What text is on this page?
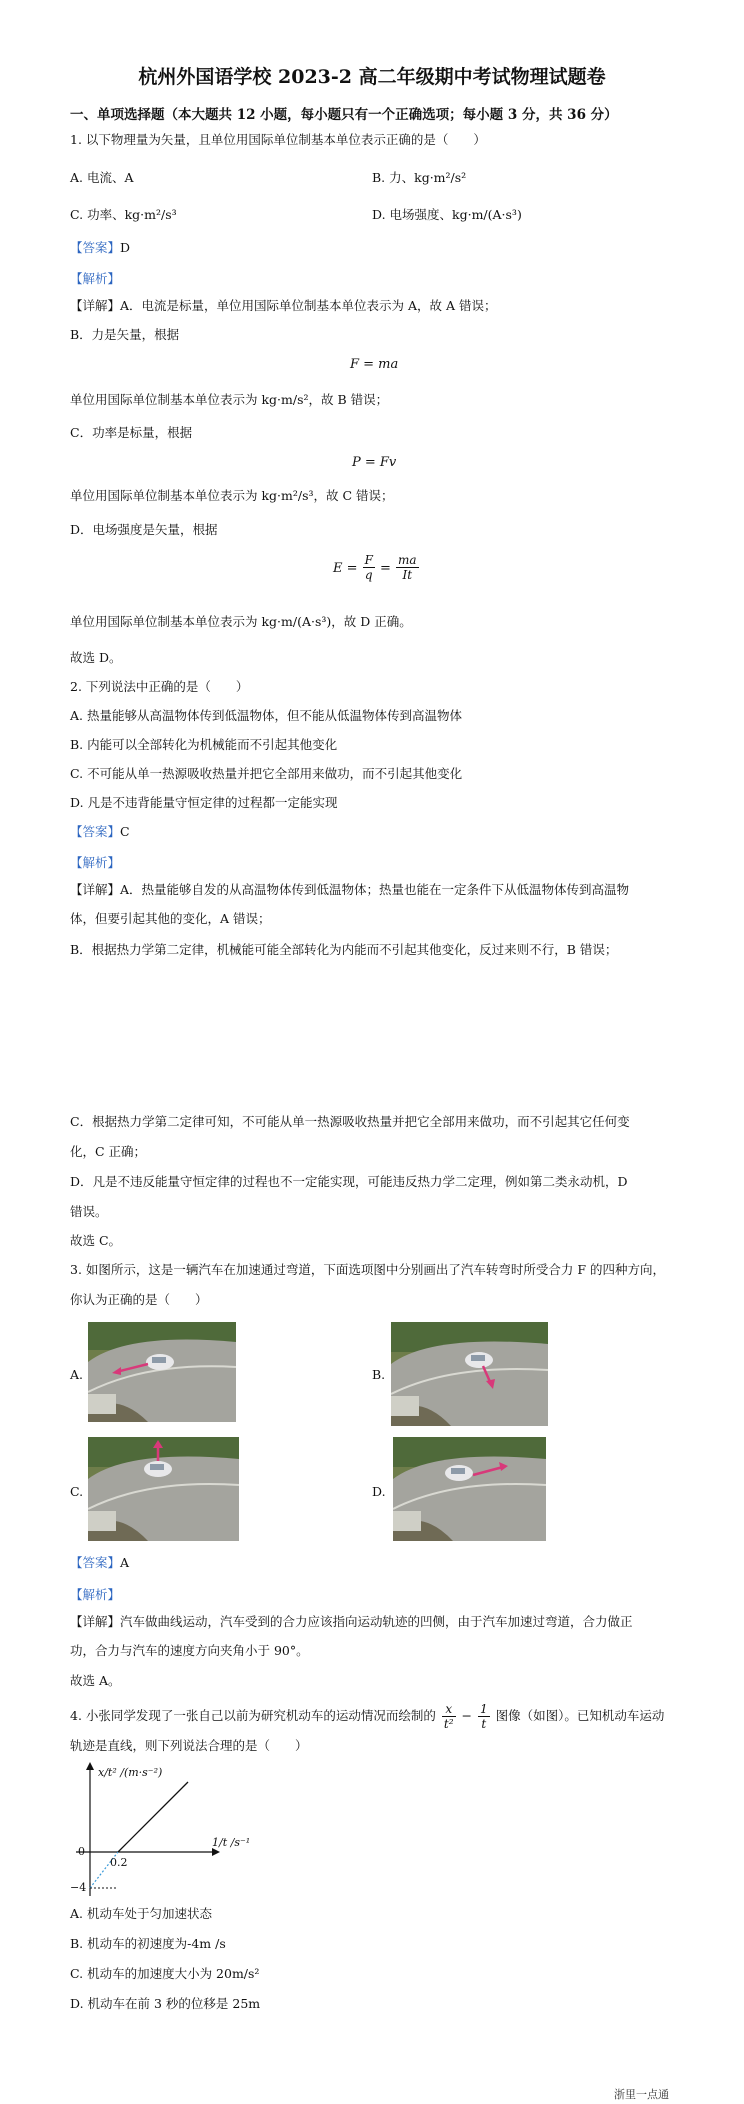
杭州外国语学校 2023-2 高二年级期中考试物理试题卷
一、单项选择题（本大题共 12 小题，每小题只有一个正确选项；每小题 3 分，共 36 分）
1. 以下物理量为矢量，且单位用国际单位制基本单位表示正确的是（　　）
A. 电流、A	B. 力、kg·m²/s²
C. 功率、kg·m²/s³	D. 电场强度、kg·m/(A·s³)
【答案】D
【解析】
【详解】A．电流是标量，单位用国际单位制基本单位表示为 A，故 A 错误；
B．力是矢量，根据
F = ma
单位用国际单位制基本单位表示为 kg·m/s²，故 B 错误；
C．功率是标量，根据
P = Fv
单位用国际单位制基本单位表示为 kg·m²/s³，故 C 错误；
D．电场强度是矢量，根据
$E = \frac{F}{q} = \frac{ma}{It}$
单位用国际单位制基本单位表示为 kg·m/(A·s³)，故 D 正确。
故选 D。
2. 下列说法中正确的是（　　）
A. 热量能够从高温物体传到低温物体，但不能从低温物体传到高温物体
B. 内能可以全部转化为机械能而不引起其他变化
C. 不可能从单一热源吸收热量并把它全部用来做功，而不引起其他变化
D. 凡是不违背能量守恒定律的过程都一定能实现
【答案】C
【解析】
【详解】A．热量能够自发的从高温物体传到低温物体；热量也能在一定条件下从低温物体传到高温物
体，但要引起其他的变化，A 错误；
B．根据热力学第二定律，机械能可能全部转化为内能而不引起其他变化，反过来则不行，B 错误；
C．根据热力学第二定律可知，不可能从单一热源吸收热量并把它全部用来做功，而不引起其它任何变
化，C 正确；
D．凡是不违反能量守恒定律的过程也不一定能实现，可能违反热力学二定理，例如第二类永动机，D
错误。
故选 C。
3. 如图所示，这是一辆汽车在加速通过弯道，下面选项图中分别画出了汽车转弯时所受合力 F 的四种方向，
你认为正确的是（　　）
A.	B.
C.	D.
【答案】A
【解析】
【详解】汽车做曲线运动，汽车受到的合力应该指向运动轨迹的凹侧，由于汽车加速过弯道，合力做正
功，合力与汽车的速度方向夹角小于 90°。
故选 A。
4. 小张同学发现了一张自己以前为研究机动车的运动情况而绘制的 $\frac{x}{\text{t²}} - \frac{1}{t}$ 图像（如图）。已知机动车运动
轨迹是直线，则下列说法合理的是（　　）
x/t² /(m·s⁻²)
1/t /s⁻¹
0
0.2
−4
A. 机动车处于匀加速状态
B. 机动车的初速度为-4m /s
C. 机动车的加速度大小为 20m/s²
D. 机动车在前 3 秒的位移是 25m
浙里一点通
